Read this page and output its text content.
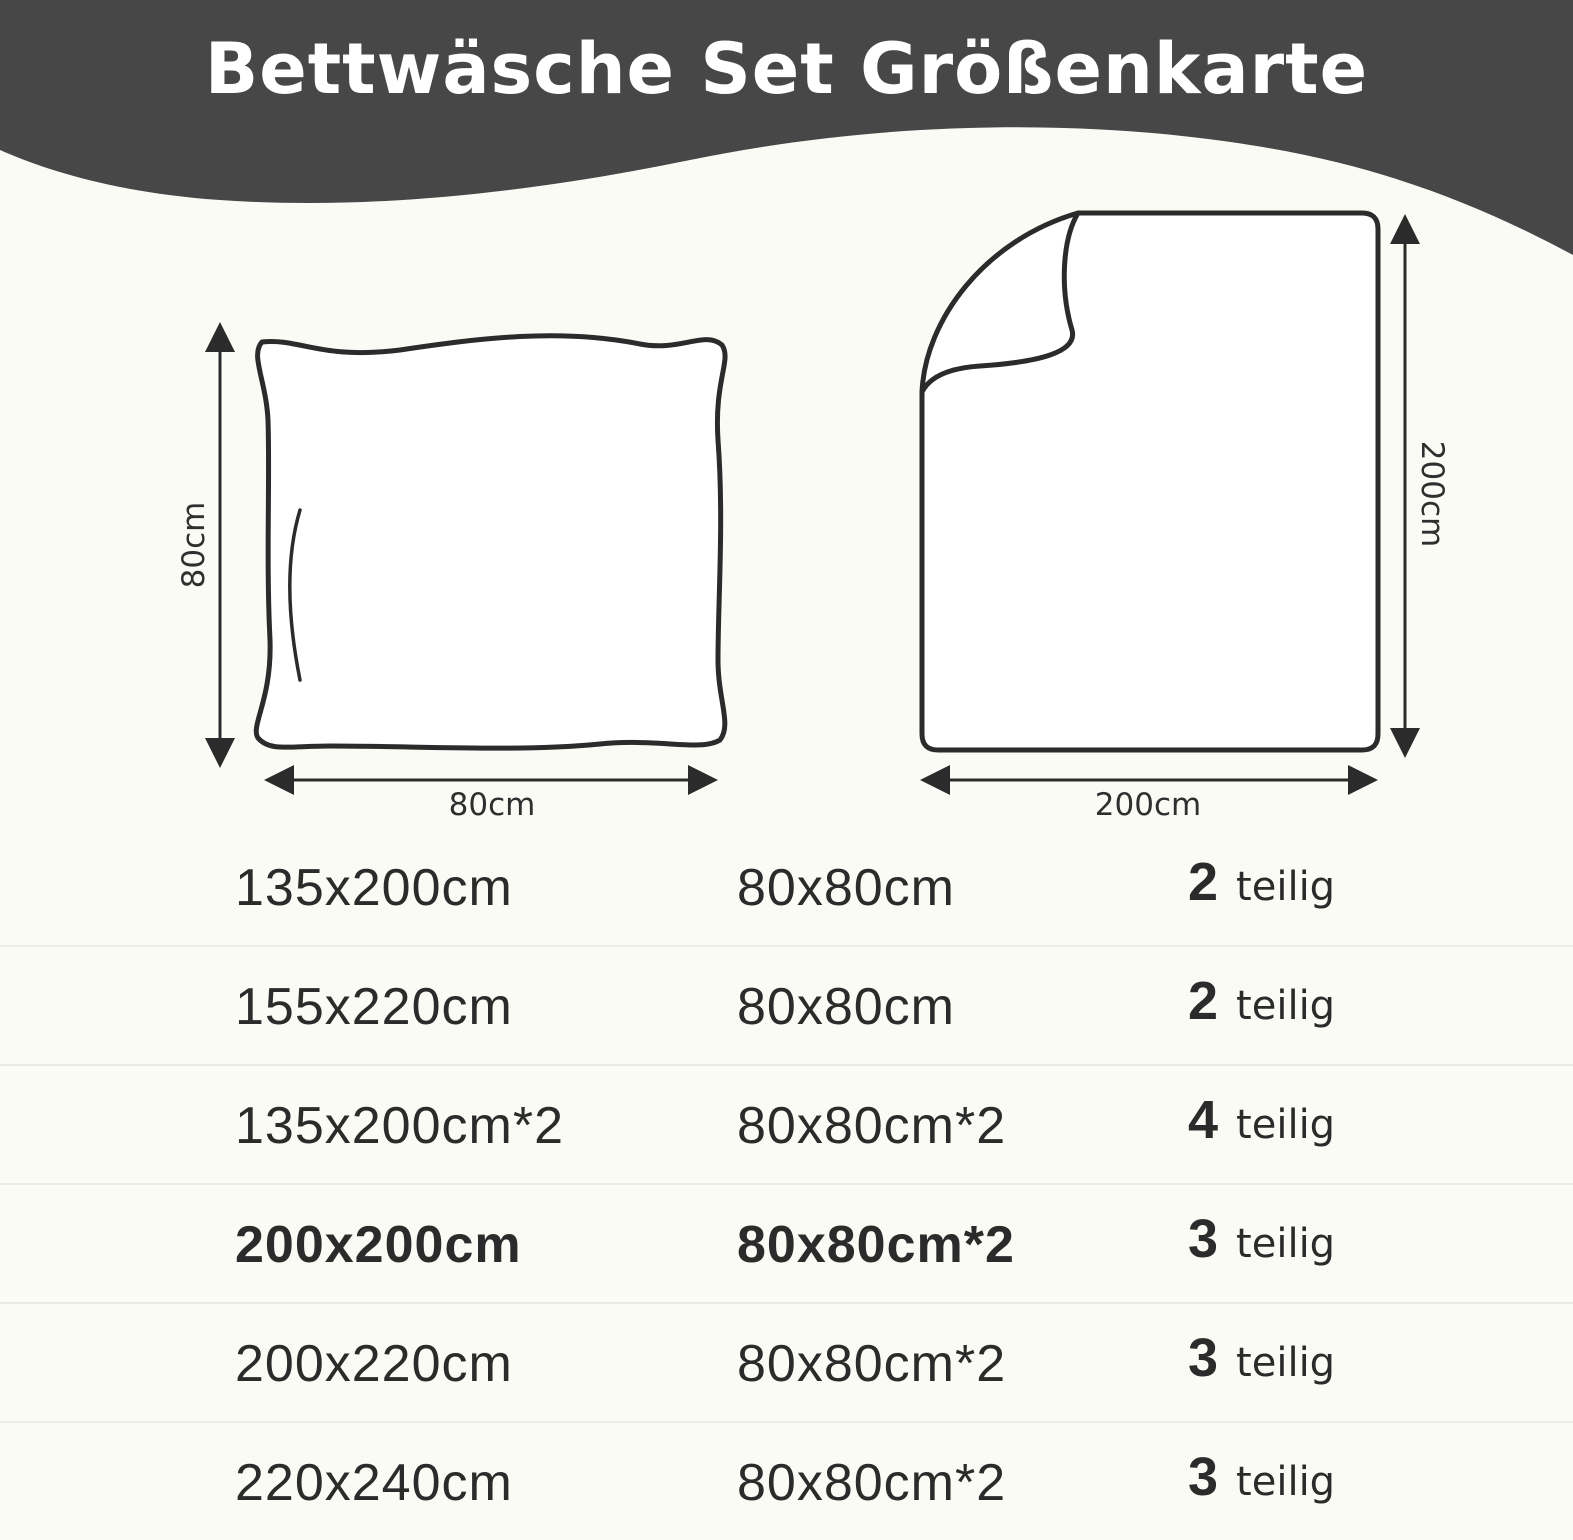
Bettwäsche Set Größenkarte
80cm
80cm
200cm
200cm
135x200cm	80x80cm	2 teilig
155x220cm	80x80cm	2 teilig
135x200cm*2	80x80cm*2	4 teilig
200x200cm	80x80cm*2	3 teilig
200x220cm	80x80cm*2	3 teilig
220x240cm	80x80cm*2	3 teilig
